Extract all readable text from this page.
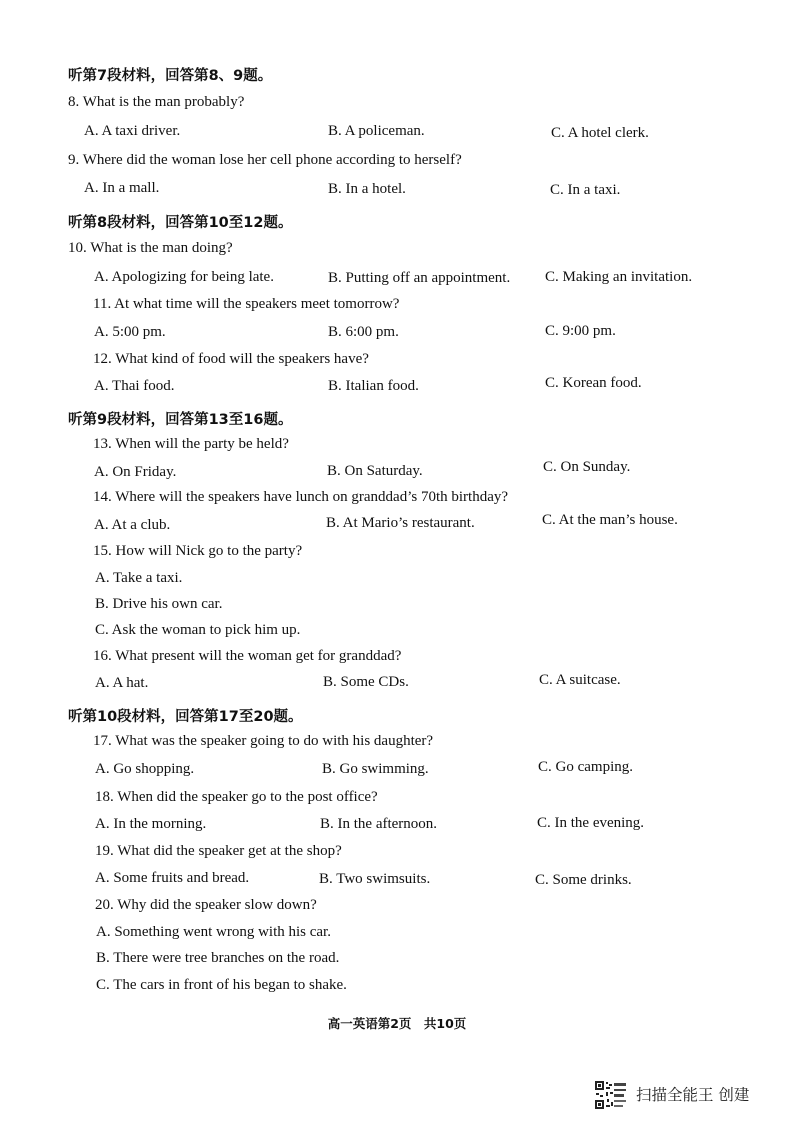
听第7段材料，回答第8、9题。
8. What is the man probably?
A. A taxi driver.	B. A policeman.	C. A hotel clerk.
9. Where did the woman lose her cell phone according to herself?
A. In a mall.	B. In a hotel.	C. In a taxi.
听第8段材料，回答第10至12题。
10. What is the man doing?
A. Apologizing for being late.	B. Putting off an appointment. C. Making an invitation.
11. At what time will the speakers meet tomorrow?
A. 5:00 pm.	B. 6:00 pm.	C. 9:00 pm.
12. What kind of food will the speakers have?
A. Thai food.	B. Italian food.	C. Korean food.
听第9段材料，回答第13至16题。
13. When will the party be held?
A. On Friday.	B. On Saturday.	C. On Sunday.
14. Where will the speakers have lunch on granddad’s 70th birthday?
A. At a club.	B. At Mario’s restaurant.	C. At the man’s house.
15. How will Nick go to the party?
A. Take a taxi.
B. Drive his own car.
C. Ask the woman to pick him up.
16. What present will the woman get for granddad?
A. A hat.	B. Some CDs.	C. A suitcase.
听第10段材料，回答第17至20题。
17. What was the speaker going to do with his daughter?
A. Go shopping.	B. Go swimming.	C. Go camping.
18. When did the speaker go to the post office?
A. In the morning.	B. In the afternoon.	C. In the evening.
19. What did the speaker get at the shop?
A. Some fruits and bread.	B. Two swimsuits.	C. Some drinks.
20. Why did the speaker slow down?
A. Something went wrong with his car.
B. There were tree branches on the road.
C. The cars in front of his began to shake.
高一英语第2页　共10页
扫描全能王 创建
